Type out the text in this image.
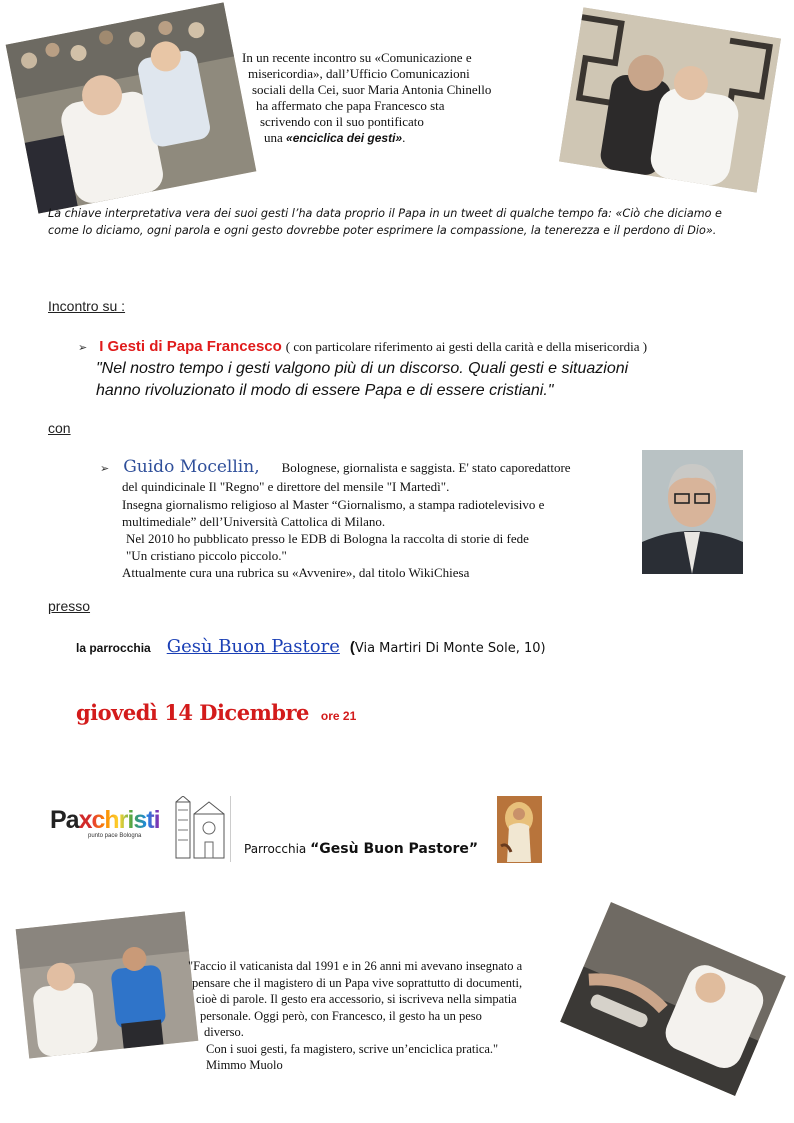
In un recente incontro su «Comunicazione e
misericordia», dall’Ufficio Comunicazioni
sociali della Cei, suor Maria Antonia Chinello
ha affermato che papa Francesco sta
scrivendo con il suo pontificato
una «enciclica dei gesti».
La chiave interpretativa vera dei suoi gesti l’ha data proprio il Papa in un tweet di qualche tempo fa: «Ciò che diciamo e come lo diciamo, ogni parola e ogni gesto dovrebbe poter esprimere la compassione, la tenerezza e il perdono di Dio».
Incontro su :
➢ I Gesti di Papa Francesco ( con particolare riferimento ai gesti della carità e della misericordia )
"Nel nostro tempo i gesti valgono più di un discorso. Quali gesti e situazioni
hanno rivoluzionato il modo di essere Papa e di essere cristiani."
con
➢ Guido Mocellin, Bolognese, giornalista e saggista. E' stato caporedattore
del quindicinale Il "Regno" e direttore del mensile "I Martedì".
Insegna giornalismo religioso al Master “Giornalismo, a stampa radiotelevisivo e
multimediale” dell’Università Cattolica di Milano.
Nel 2010 ho pubblicato presso le EDB di Bologna la raccolta di storie di fede
"Un cristiano piccolo piccolo."
Attualmente cura una rubrica su «Avvenire», dal titolo WikiChiesa
presso
la parrocchia Gesù Buon Pastore (Via Martiri Di Monte Sole, 10)
giovedì 14 Dicembre ore 21
Paxchristi
punto pace Bologna
Parrocchia “Gesù Buon Pastore”
"Faccio il vaticanista dal 1991 e in 26 anni mi avevano insegnato a
pensare che il magistero di un Papa vive soprattutto di documenti,
cioè di parole. Il gesto era accessorio, si iscriveva nella simpatia
personale. Oggi però, con Francesco, il gesto ha un peso
diverso.
Con i suoi gesti, fa magistero, scrive un’enciclica pratica."
Mimmo Muolo
